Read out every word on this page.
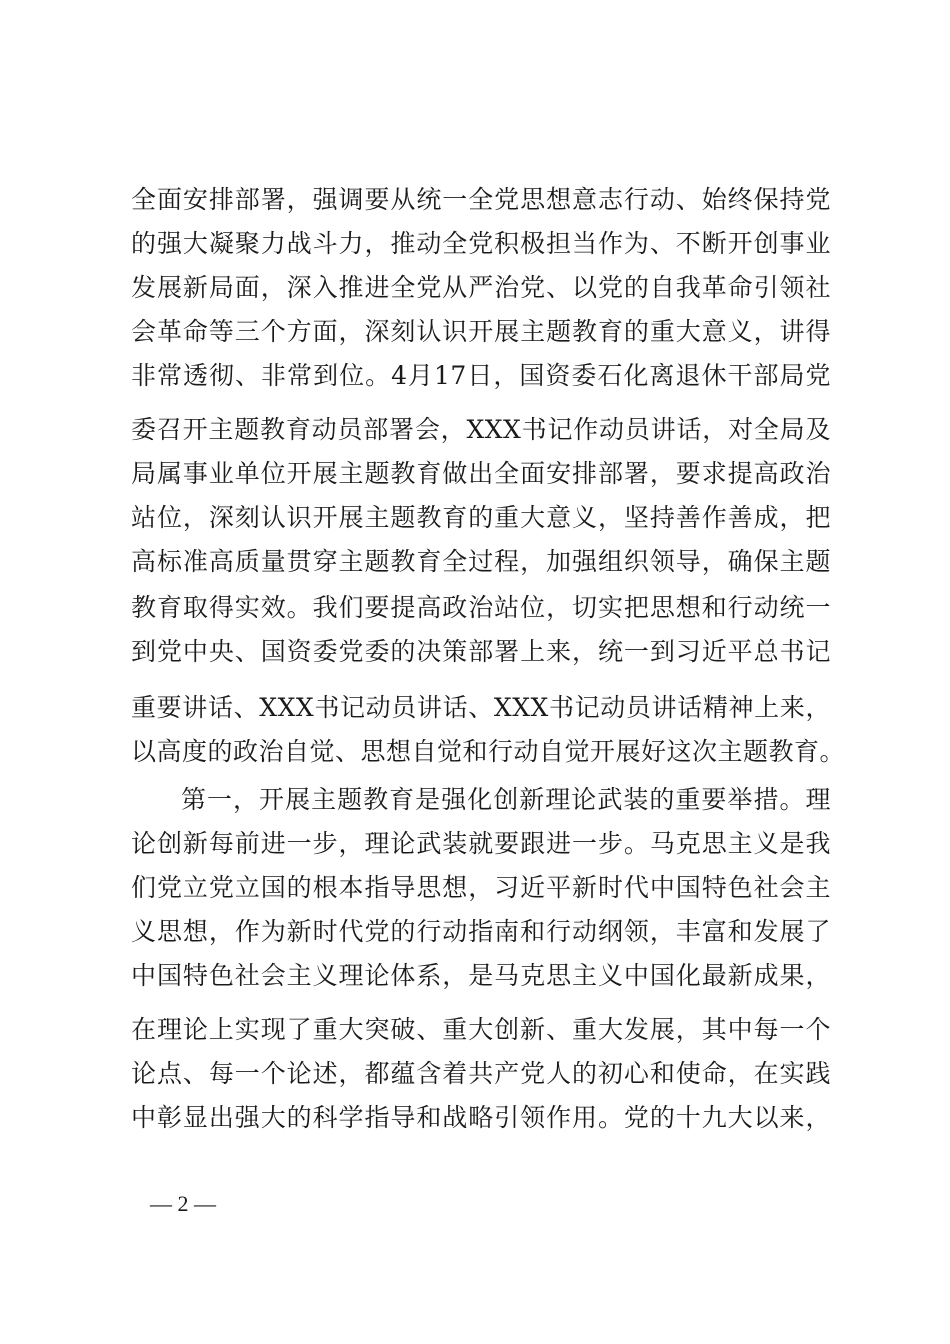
全面安排部署，强调要从统一全党思想意志行动、始终保持党
的强大凝聚力战斗力，推动全党积极担当作为、不断开创事业
发展新局面，深入推进全党从严治党、以党的自我革命引领社
会革命等三个方面，深刻认识开展主题教育的重大意义，讲得
非常透彻、非常到位。4月17日，国资委石化离退休干部局党
委召开主题教育动员部署会，XXX书记作动员讲话，对全局及
局属事业单位开展主题教育做出全面安排部署，要求提高政治
站位，深刻认识开展主题教育的重大意义，坚持善作善成，把
高标准高质量贯穿主题教育全过程，加强组织领导，确保主题
教育取得实效。我们要提高政治站位，切实把思想和行动统一
到党中央、国资委党委的决策部署上来，统一到习近平总书记
重要讲话、XXX书记动员讲话、XXX书记动员讲话精神上来，
以高度的政治自觉、思想自觉和行动自觉开展好这次主题教育。
第一，开展主题教育是强化创新理论武装的重要举措。理
论创新每前进一步，理论武装就要跟进一步。马克思主义是我
们党立党立国的根本指导思想，习近平新时代中国特色社会主
义思想，作为新时代党的行动指南和行动纲领，丰富和发展了
中国特色社会主义理论体系，是马克思主义中国化最新成果，
在理论上实现了重大突破、重大创新、重大发展，其中每一个
论点、每一个论述，都蕴含着共产党人的初心和使命，在实践
中彰显出强大的科学指导和战略引领作用。党的十九大以来，
— 2 —
